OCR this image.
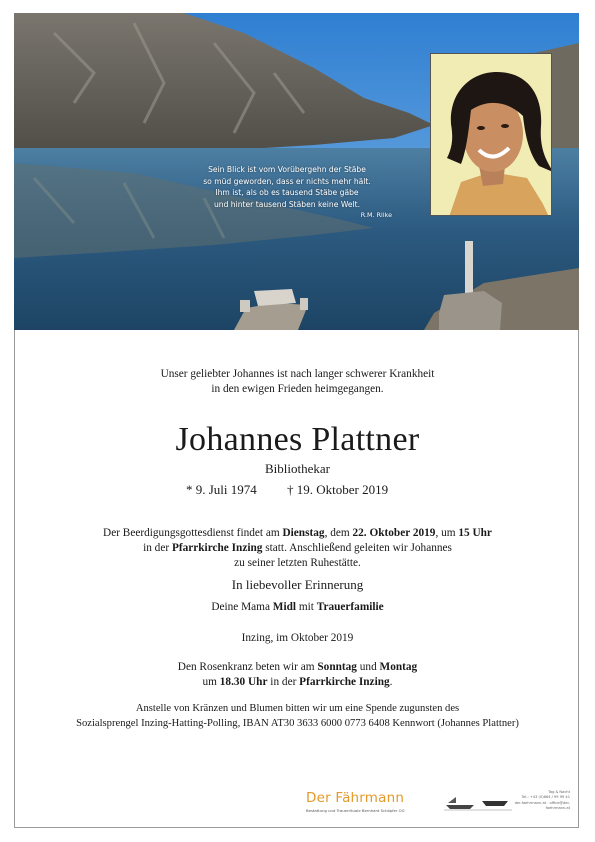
Sein Blick ist vom Vorübergehn der Stäbe
so müd geworden, dass er nichts mehr hält.
Ihm ist, als ob es tausend Stäbe gäbe
und hinter tausend Stäben keine Welt.
R.M. Rilke
Unser geliebter Johannes ist nach langer schwerer Krankheit
in den ewigen Frieden heimgegangen.
Johannes Plattner
Bibliothekar
* 9. Juli 1974 † 19. Oktober 2019
Der Beerdigungsgottesdienst findet am Dienstag, dem 22. Oktober 2019, um 15 Uhr
in der Pfarrkirche Inzing statt. Anschließend geleiten wir Johannes
zu seiner letzten Ruhestätte.
In liebevoller Erinnerung
Deine Mama Midl mit Trauerfamilie
Inzing, im Oktober 2019
Den Rosenkranz beten wir am Sonntag und Montag
um 18.30 Uhr in der Pfarrkirche Inzing.
Anstelle von Kränzen und Blumen bitten wir um eine Spende zugunsten des
Sozialsprengel Inzing-Hatting-Polling, IBAN AT30 3633 6000 0773 6408 Kennwort (Johannes Plattner)
Der Fährmann
Bestattung und Trauerrituale Bernhard Schöpfer OG
Tag & Nacht
Tel.: +43 (0)664 / 99 99 41
der-faehrmann.at · office@der-faehrmann.at
